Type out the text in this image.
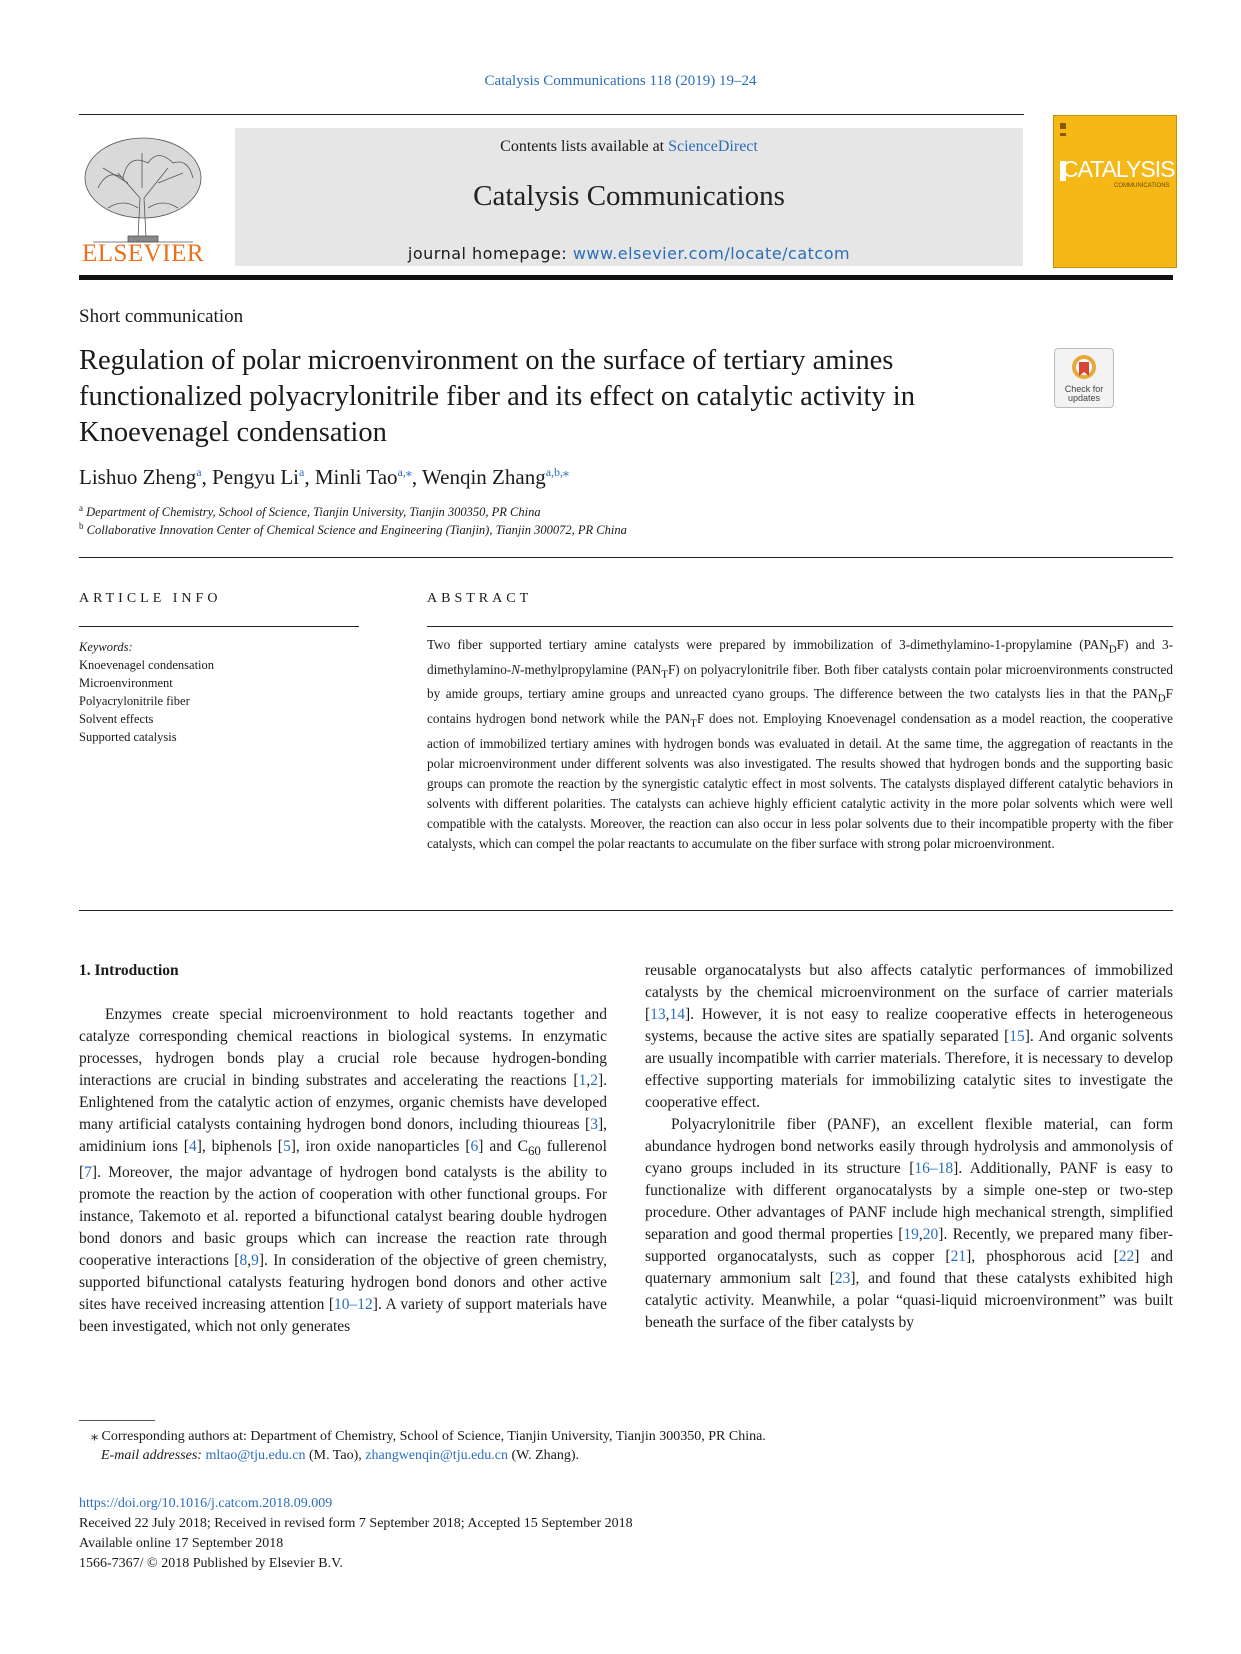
Catalysis Communications 118 (2019) 19–24
ELSEVIER
Contents lists available at ScienceDirect
Catalysis Communications
journal homepage: www.elsevier.com/locate/catcom
CATALYSIS
COMMUNICATIONS
Short communication
Regulation of polar microenvironment on the surface of tertiary amines functionalized polyacrylonitrile fiber and its effect on catalytic activity in Knoevenagel condensation
Check for
updates
Lishuo Zheng$^a$, Pengyu Li$^a$, Minli Tao$^{a,⁎}$, Wenqin Zhang$^{a,b,⁎}$
$^a$ Department of Chemistry, School of Science, Tianjin University, Tianjin 300350, PR China
$^b$ Collaborative Innovation Center of Chemical Science and Engineering (Tianjin), Tianjin 300072, PR China
ARTICLE INFO
Keywords:
Knoevenagel condensation
Microenvironment
Polyacrylonitrile fiber
Solvent effects
Supported catalysis
ABSTRACT
Two fiber supported tertiary amine catalysts were prepared by immobilization of 3-dimethylamino-1-propylamine $(PAN_DF)$ and 3-dimethylamino-N-methylpropylamine $(PAN_TF)$ on polyacrylonitrile fiber. Both fiber catalysts contain polar microenvironments constructed by amide groups, tertiary amine groups and unreacted cyano groups. The difference between the two catalysts lies in that the $PAN_DF$ contains hydrogen bond network while the $PAN_TF$ does not. Employing Knoevenagel condensation as a model reaction, the cooperative action of immobilized tertiary amines with hydrogen bonds was evaluated in detail. At the same time, the aggregation of reactants in the polar microenvironment under different solvents was also investigated. The results showed that hydrogen bonds and the supporting basic groups can promote the reaction by the synergistic catalytic effect in most solvents. The catalysts displayed different catalytic behaviors in solvents with different polarities. The catalysts can achieve highly efficient catalytic activity in the more polar solvents which were well compatible with the catalysts. Moreover, the reaction can also occur in less polar solvents due to their incompatible property with the fiber catalysts, which can compel the polar reactants to accumulate on the fiber surface with strong polar microenvironment.

1. Introduction

Enzymes create special microenvironment to hold reactants together and catalyze corresponding chemical reactions in biological systems. In enzymatic processes, hydrogen bonds play a crucial role because hydrogen-bonding interactions are crucial in binding substrates and accelerating the reactions [1,2]. Enlightened from the catalytic action of enzymes, organic chemists have developed many artificial catalysts containing hydrogen bond donors, including thioureas [3], amidinium ions [4], biphenols [5], iron oxide nanoparticles [6] and $C_{60}$ fullerenol [7]. Moreover, the major advantage of hydrogen bond catalysts is the ability to promote the reaction by the action of cooperation with other functional groups. For instance, Takemoto et al. reported a bifunctional catalyst bearing double hydrogen bond donors and basic groups which can increase the reaction rate through cooperative interactions [8,9]. In consideration of the objective of green chemistry, supported bifunctional catalysts featuring hydrogen bond donors and other active sites have received increasing attention [10–12]. A variety of support materials have been investigated, which not only generates

reusable organocatalysts but also affects catalytic performances of immobilized catalysts by the chemical microenvironment on the surface of carrier materials [13,14]. However, it is not easy to realize cooperative effects in heterogeneous systems, because the active sites are spatially separated [15]. And organic solvents are usually incompatible with carrier materials. Therefore, it is necessary to develop effective supporting materials for immobilizing catalytic sites to investigate the cooperative effect.

Polyacrylonitrile fiber (PANF), an excellent flexible material, can form abundance hydrogen bond networks easily through hydrolysis and ammonolysis of cyano groups included in its structure [16–18]. Additionally, PANF is easy to functionalize with different organocatalysts by a simple one-step or two-step procedure. Other advantages of PANF include high mechanical strength, simplified separation and good thermal properties [19,20]. Recently, we prepared many fiber-supported organocatalysts, such as copper [21], phosphorous acid [22] and quaternary ammonium salt [23], and found that these catalysts exhibited high catalytic activity. Meanwhile, a polar “quasi-liquid microenvironment” was built beneath the surface of the fiber catalysts by

⁎ Corresponding authors at: Department of Chemistry, School of Science, Tianjin University, Tianjin 300350, PR China.
E-mail addresses: mltao@tju.edu.cn (M. Tao), zhangwenqin@tju.edu.cn (W. Zhang).
https://doi.org/10.1016/j.catcom.2018.09.009
Received 22 July 2018; Received in revised form 7 September 2018; Accepted 15 September 2018
Available online 17 September 2018
1566-7367/ © 2018 Published by Elsevier B.V.
